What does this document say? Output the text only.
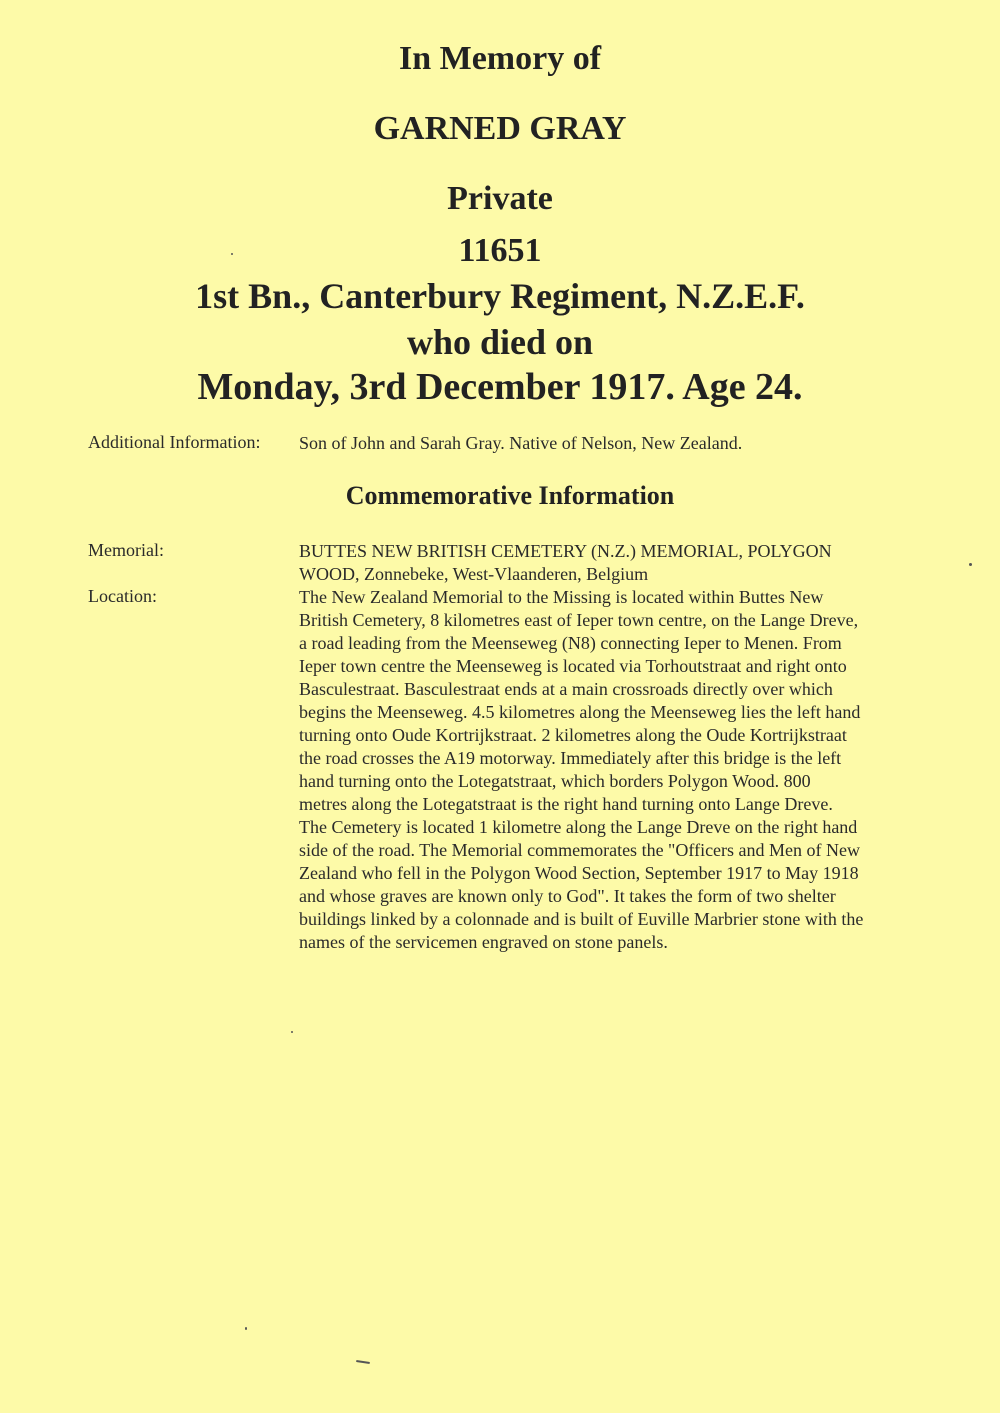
In Memory of
GARNED GRAY
Private
11651
1st Bn., Canterbury Regiment, N.Z.E.F.
who died on
Monday, 3rd December 1917. Age 24.
Additional Information: Son of John and Sarah Gray. Native of Nelson, New Zealand.
Commemorative Information
Memorial:	BUTTES NEW BRITISH CEMETERY (N.Z.) MEMORIAL, POLYGON
WOOD, Zonnebeke, West-Vlaanderen, Belgium
Location:	The New Zealand Memorial to the Missing is located within Buttes New
British Cemetery, 8 kilometres east of Ieper town centre, on the Lange Dreve,
a road leading from the Meenseweg (N8) connecting Ieper to Menen. From
Ieper town centre the Meenseweg is located via Torhoutstraat and right onto
Basculestraat. Basculestraat ends at a main crossroads directly over which
begins the Meenseweg. 4.5 kilometres along the Meenseweg lies the left hand
turning onto Oude Kortrijkstraat. 2 kilometres along the Oude Kortrijkstraat
the road crosses the A19 motorway. Immediately after this bridge is the left
hand turning onto the Lotegatstraat, which borders Polygon Wood. 800
metres along the Lotegatstraat is the right hand turning onto Lange Dreve.
The Cemetery is located 1 kilometre along the Lange Dreve on the right hand
side of the road. The Memorial commemorates the "Officers and Men of New
Zealand who fell in the Polygon Wood Section, September 1917 to May 1918
and whose graves are known only to God". It takes the form of two shelter
buildings linked by a colonnade and is built of Euville Marbrier stone with the
names of the servicemen engraved on stone panels.
